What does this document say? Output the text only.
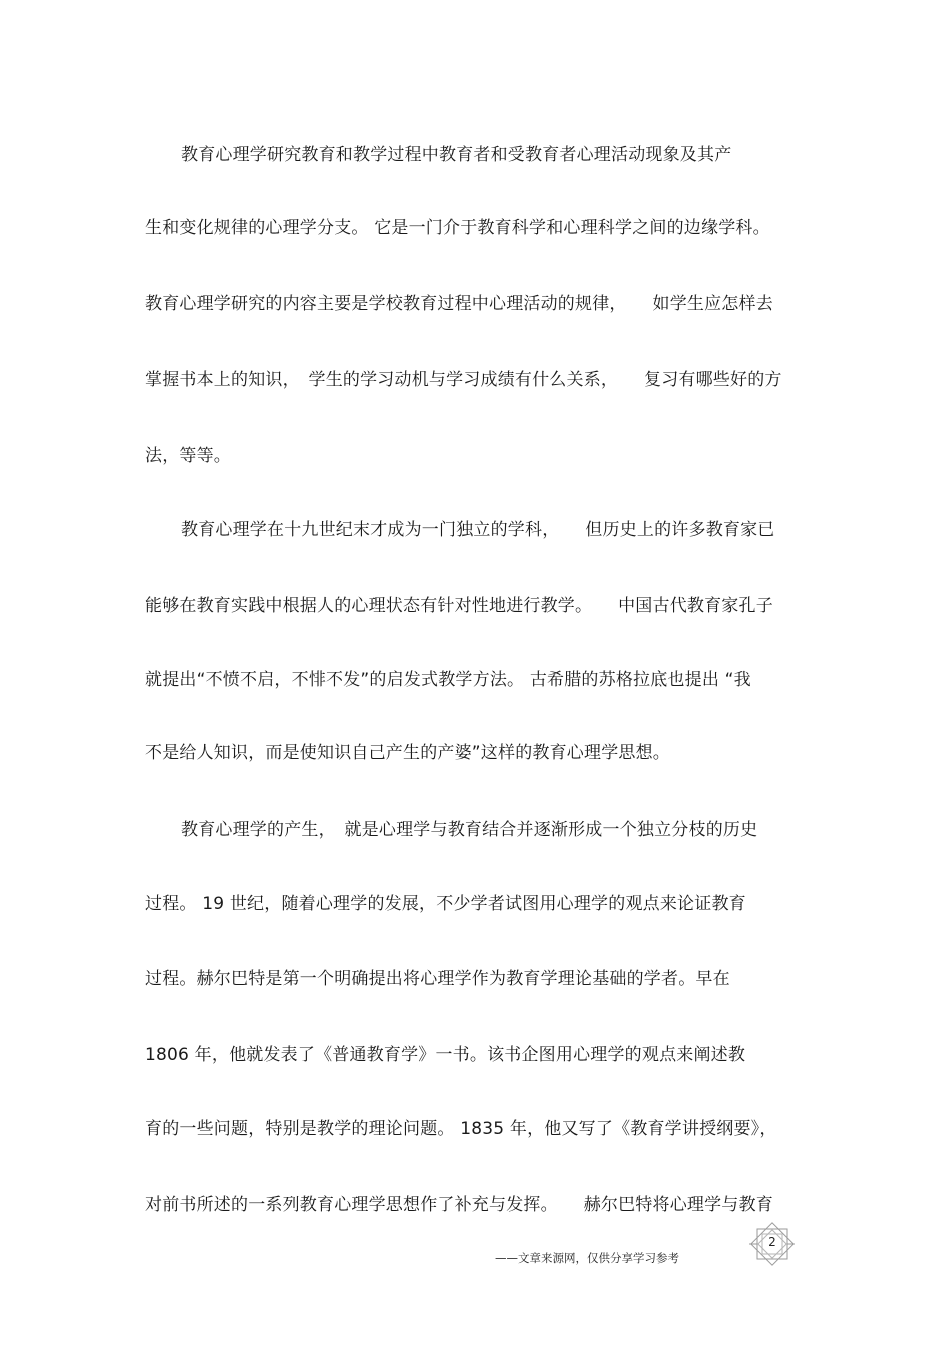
教育心理学研究教育和教学过程中教育者和受教育者心理活动现象及其产
生和变化规律的心理学分支。 它是一门介于教育科学和心理科学之间的边缘学科。
教育心理学研究的内容主要是学校教育过程中心理活动的规律，　　如学生应怎样去
掌握书本上的知识，　学生的学习动机与学习成绩有什么关系，　　复习有哪些好的方
法，等等。
教育心理学在十九世纪末才成为一门独立的学科，　　但历史上的许多教育家已
能够在教育实践中根据人的心理状态有针对性地进行教学。　　中国古代教育家孔子
就提出“不愤不启，不悱不发”的启发式教学方法。 古希腊的苏格拉底也提出 “我
不是给人知识，而是使知识自己产生的产婆”这样的教育心理学思想。
教育心理学的产生，　就是心理学与教育结合并逐渐形成一个独立分枝的历史
过程。 19 世纪，随着心理学的发展，不少学者试图用心理学的观点来论证教育
过程。赫尔巴特是第一个明确提出将心理学作为教育学理论基础的学者。早在
1806 年，他就发表了《普通教育学》一书。该书企图用心理学的观点来阐述教
育的一些问题，特别是教学的理论问题。 1835 年，他又写了《教育学讲授纲要》，
对前书所述的一系列教育心理学思想作了补充与发挥。　　赫尔巴特将心理学与教育
——文章来源网，仅供分享学习参考
2
